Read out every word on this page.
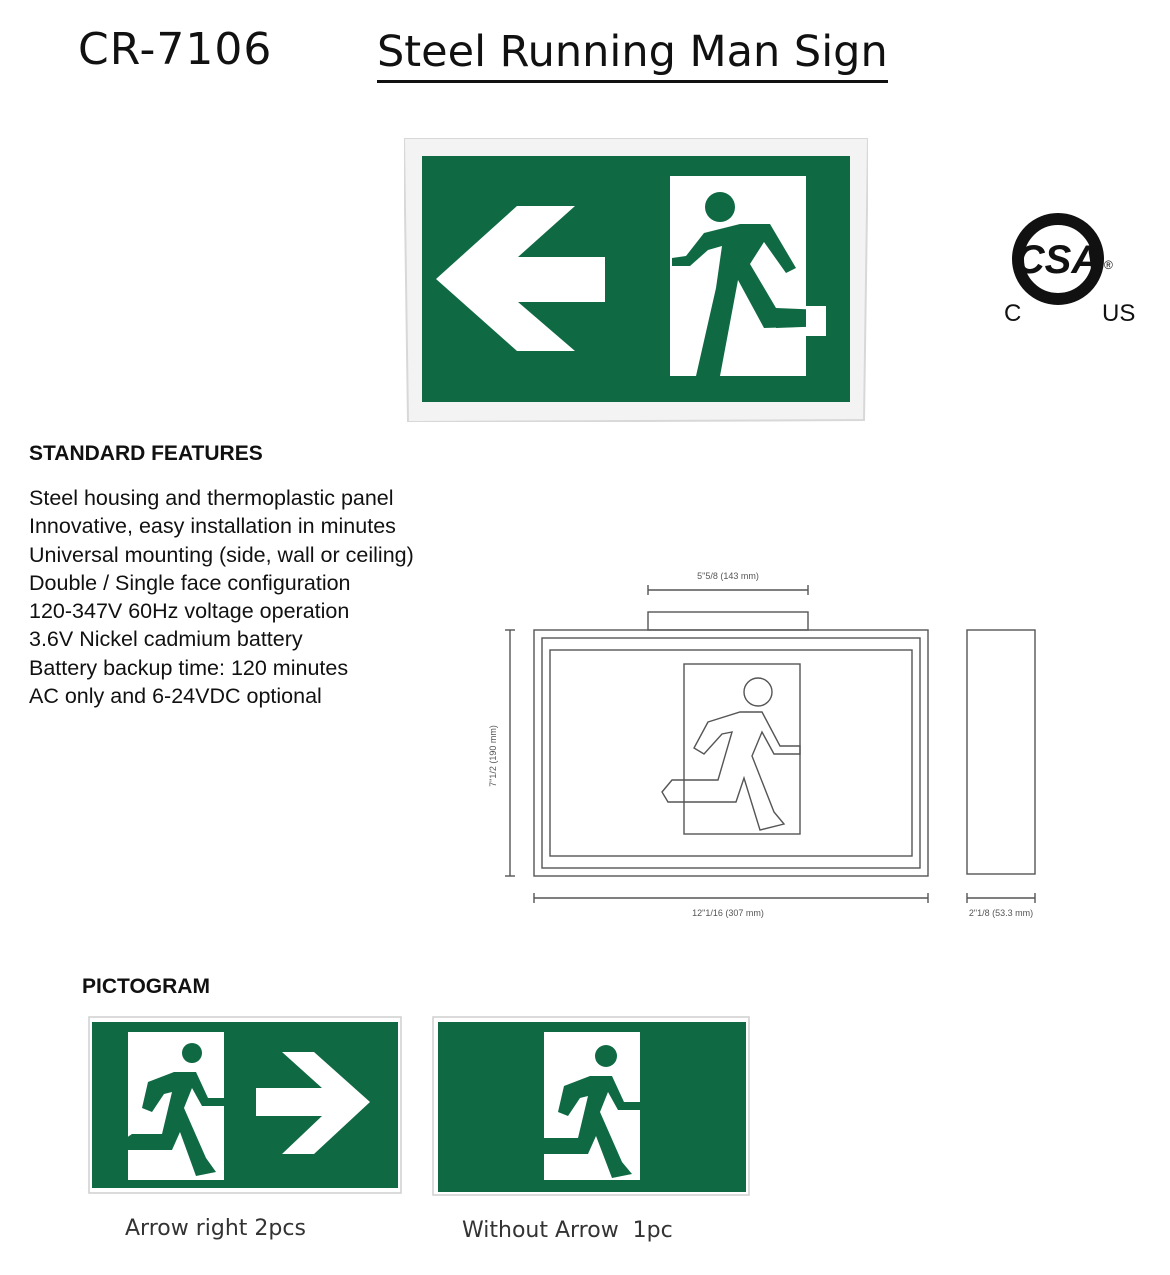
CR-7106 Steel Running Man Sign
CSA ®
C	US
STANDARD FEATURES
Steel housing and thermoplastic panel
Innovative, easy installation in minutes
Universal mounting (side, wall or ceiling)
Double / Single face configuration
120-347V 60Hz voltage operation
3.6V Nickel cadmium battery
Battery backup time: 120 minutes
AC only and 6-24VDC optional
5"5/8 (143 mm)
12"1/16 (307 mm)	2"1/8 (53.3 mm)
7"1/2 (190 mm)
PICTOGRAM
Arrow right 2pcs	Without Arrow  1pc
